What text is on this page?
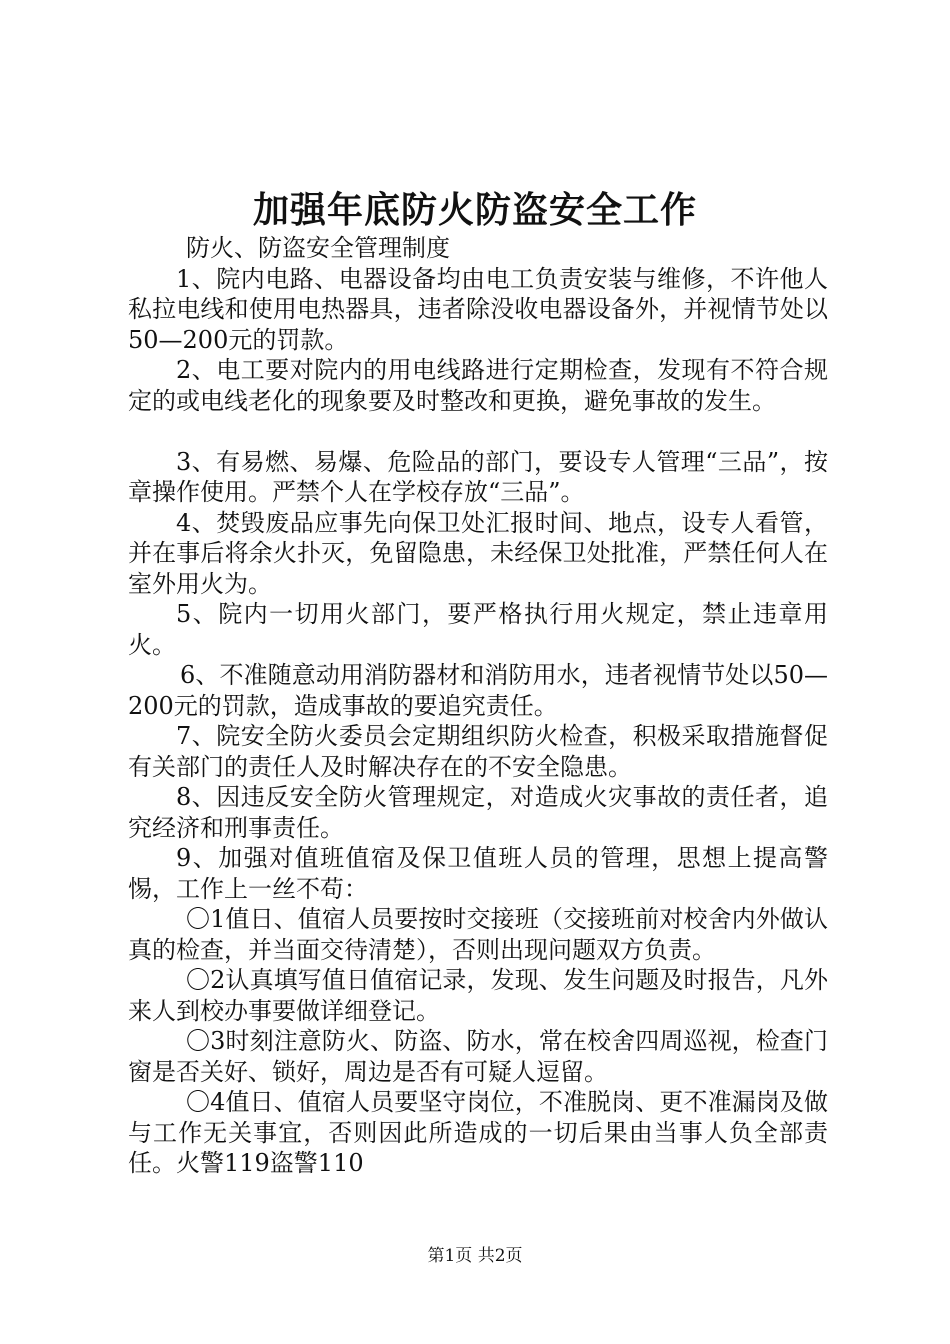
加强年底防火防盗安全工作

防火、防盗安全管理制度

1、院内电路、电器设备均由电工负责安装与维修，不许他人私拉电线和使用电热器具，违者除没收电器设备外，并视情节处以50—200元的罚款。

2、电工要对院内的用电线路进行定期检查，发现有不符合规定的或电线老化的现象要及时整改和更换，避免事故的发生。

3、有易燃、易爆、危险品的部门，要设专人管理“三品”，按章操作使用。严禁个人在学校存放“三品”。

4、焚毁废品应事先向保卫处汇报时间、地点，设专人看管，并在事后将余火扑灭，免留隐患，未经保卫处批准，严禁任何人在室外用火为。

5、院内一切用火部门，要严格执行用火规定，禁止违章用火。

6、不准随意动用消防器材和消防用水，违者视情节处以50—200元的罚款，造成事故的要追究责任。

7、院安全防火委员会定期组织防火检查，积极采取措施督促有关部门的责任人及时解决存在的不安全隐患。

8、因违反安全防火管理规定，对造成火灾事故的责任者，追究经济和刑事责任。

9、加强对值班值宿及保卫值班人员的管理，思想上提高警惕，工作上一丝不苟：

〇1值日、值宿人员要按时交接班（交接班前对校舍内外做认真的检查，并当面交待清楚），否则出现问题双方负责。

〇2认真填写值日值宿记录，发现、发生问题及时报告，凡外来人到校办事要做详细登记。

〇3时刻注意防火、防盗、防水，常在校舍四周巡视，检查门窗是否关好、锁好，周边是否有可疑人逗留。

〇4值日、值宿人员要坚守岗位，不准脱岗、更不准漏岗及做与工作无关事宜，否则因此所造成的一切后果由当事人负全部责任。火警119盗警110

第1页 共2页
